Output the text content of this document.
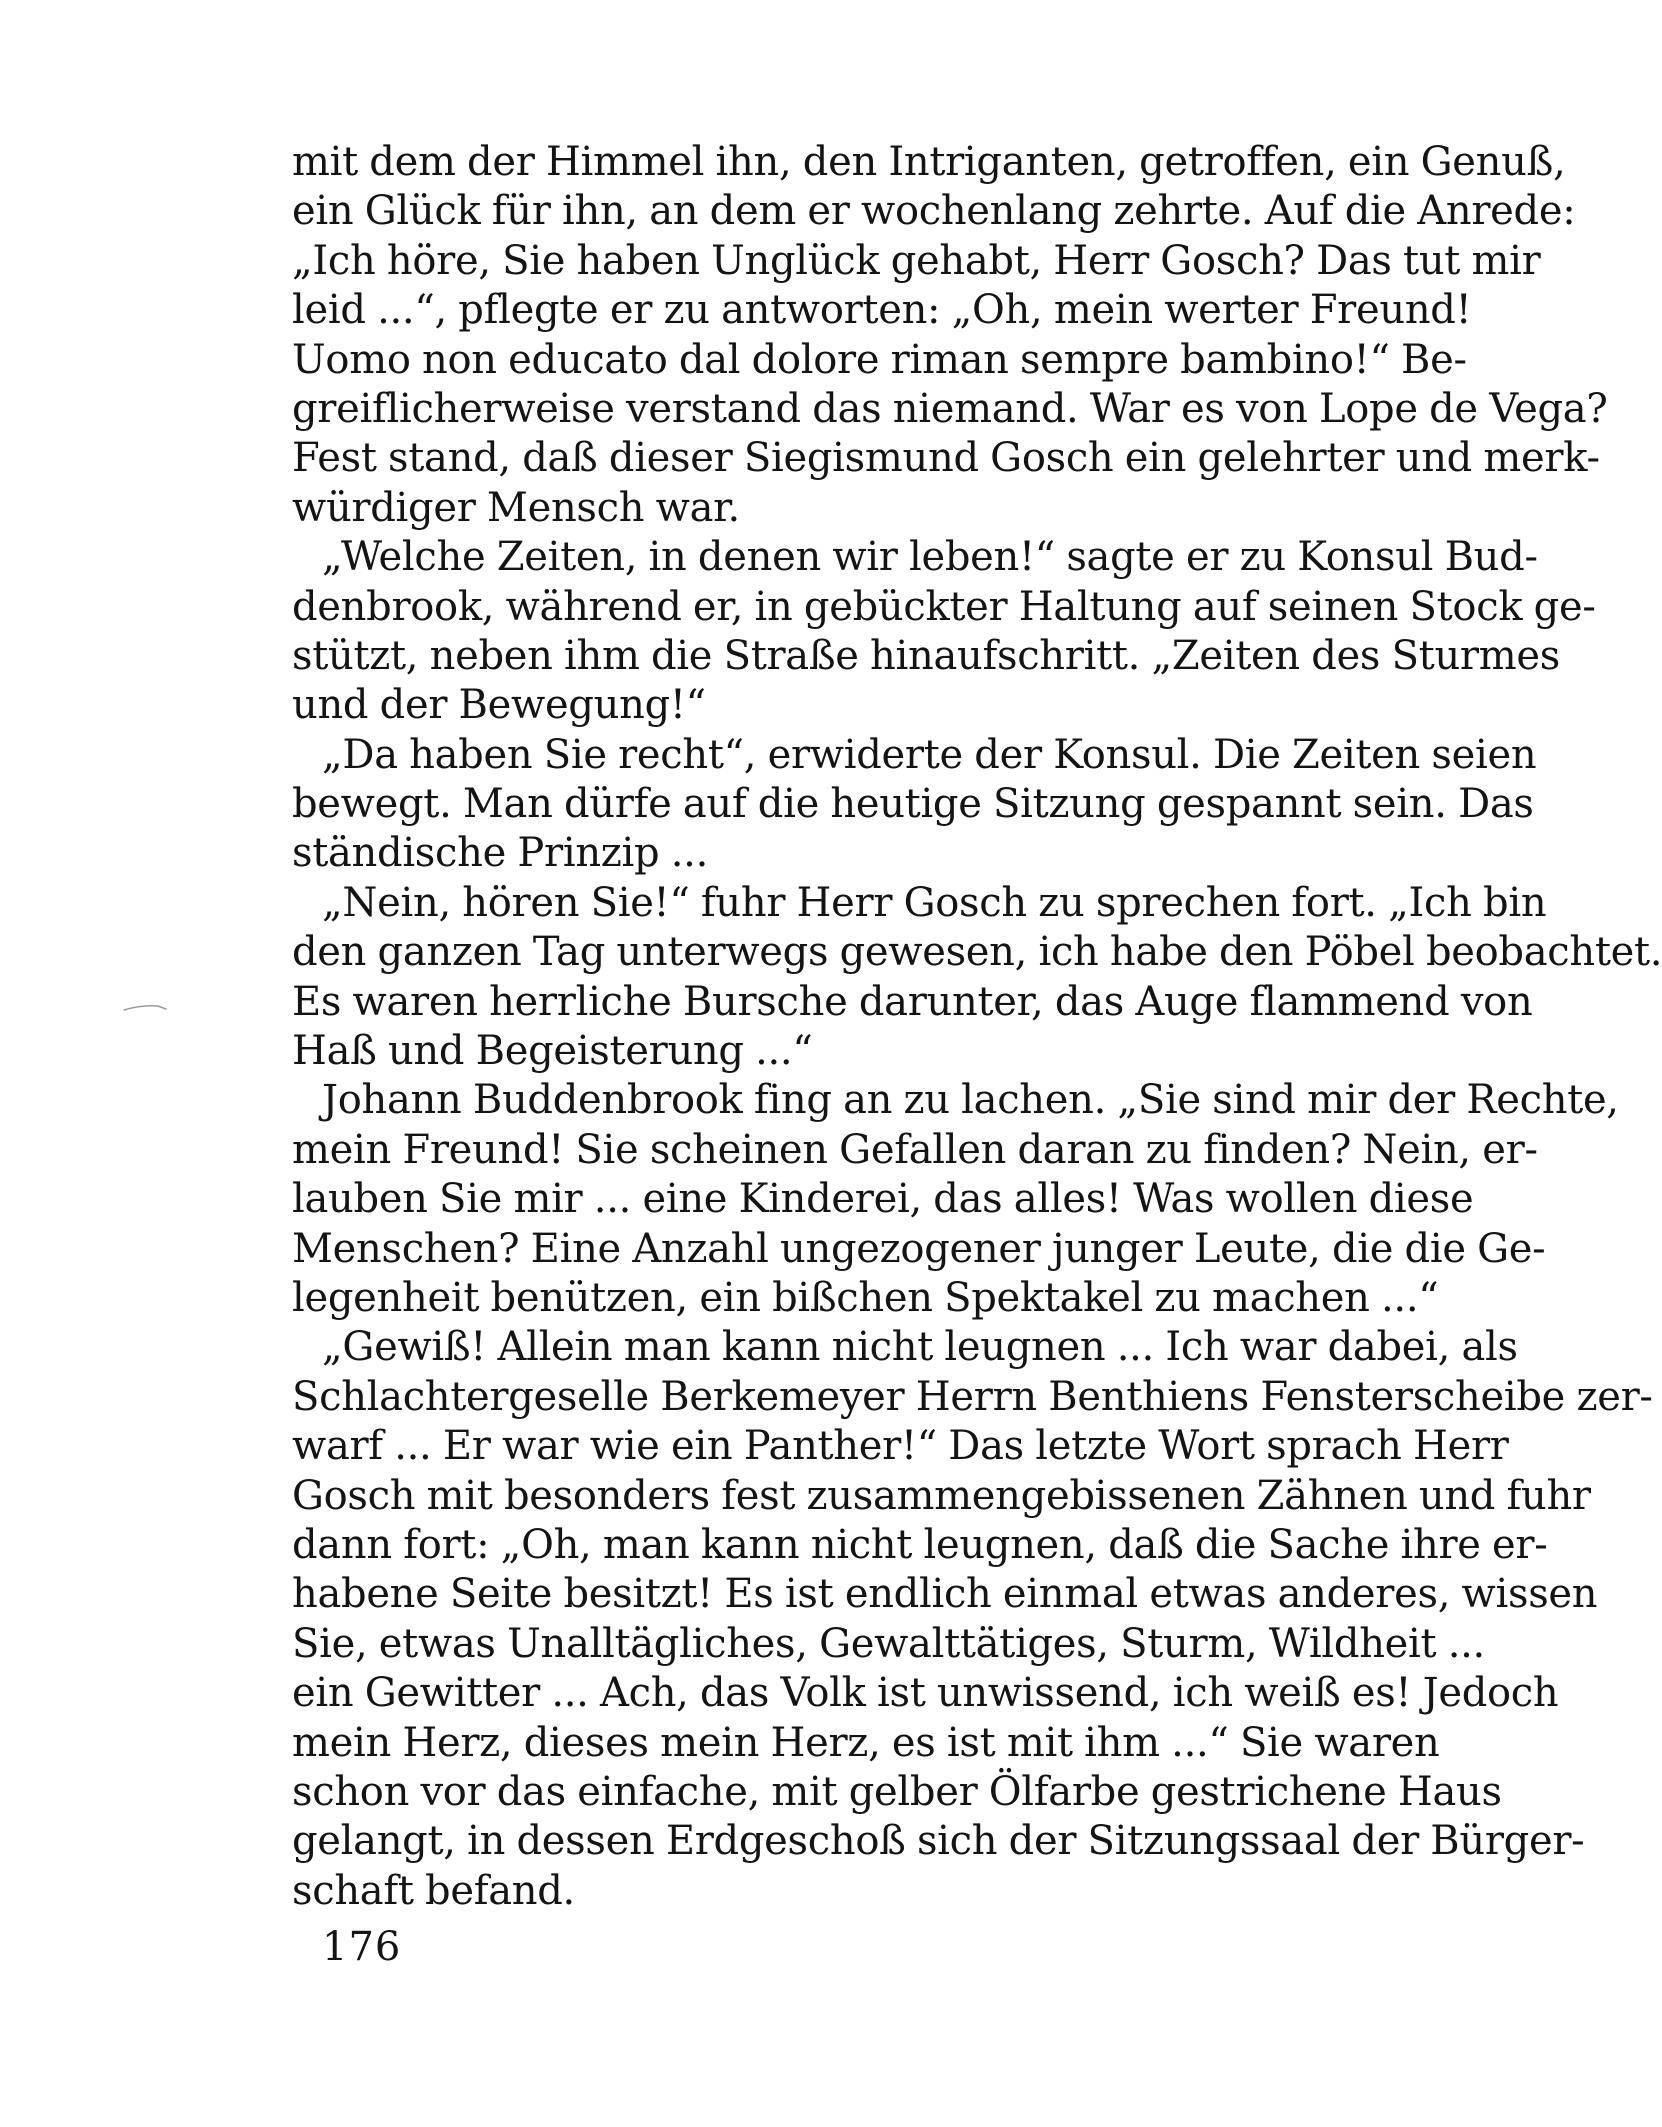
mit dem der Himmel ihn, den Intriganten, getroffen, ein Genuß,
ein Glück für ihn, an dem er wochenlang zehrte. Auf die Anrede:
„Ich höre, Sie haben Unglück gehabt, Herr Gosch? Das tut mir
leid ...“, pflegte er zu antworten: „Oh, mein werter Freund!
Uomo non educato dal dolore riman sempre bambino!“ Be-
greiflicherweise verstand das niemand. War es von Lope de Vega?
Fest stand, daß dieser Siegismund Gosch ein gelehrter und merk-
würdiger Mensch war.
„Welche Zeiten, in denen wir leben!“ sagte er zu Konsul Bud-
denbrook, während er, in gebückter Haltung auf seinen Stock ge-
stützt, neben ihm die Straße hinaufschritt. „Zeiten des Sturmes
und der Bewegung!“
„Da haben Sie recht“, erwiderte der Konsul. Die Zeiten seien
bewegt. Man dürfe auf die heutige Sitzung gespannt sein. Das
ständische Prinzip ...
„Nein, hören Sie!“ fuhr Herr Gosch zu sprechen fort. „Ich bin
den ganzen Tag unterwegs gewesen, ich habe den Pöbel beobachtet.
Es waren herrliche Bursche darunter, das Auge flammend von
Haß und Begeisterung ...“
Johann Buddenbrook fing an zu lachen. „Sie sind mir der Rechte,
mein Freund! Sie scheinen Gefallen daran zu finden? Nein, er-
lauben Sie mir ... eine Kinderei, das alles! Was wollen diese
Menschen? Eine Anzahl ungezogener junger Leute, die die Ge-
legenheit benützen, ein bißchen Spektakel zu machen ...“
„Gewiß! Allein man kann nicht leugnen ... Ich war dabei, als
Schlachtergeselle Berkemeyer Herrn Benthiens Fensterscheibe zer-
warf ... Er war wie ein Panther!“ Das letzte Wort sprach Herr
Gosch mit besonders fest zusammengebissenen Zähnen und fuhr
dann fort: „Oh, man kann nicht leugnen, daß die Sache ihre er-
habene Seite besitzt! Es ist endlich einmal etwas anderes, wissen
Sie, etwas Unalltägliches, Gewalttätiges, Sturm, Wildheit ...
ein Gewitter ... Ach, das Volk ist unwissend, ich weiß es! Jedoch
mein Herz, dieses mein Herz, es ist mit ihm ...“ Sie waren
schon vor das einfache, mit gelber Ölfarbe gestrichene Haus
gelangt, in dessen Erdgeschoß sich der Sitzungssaal der Bürger-
schaft befand.
176
